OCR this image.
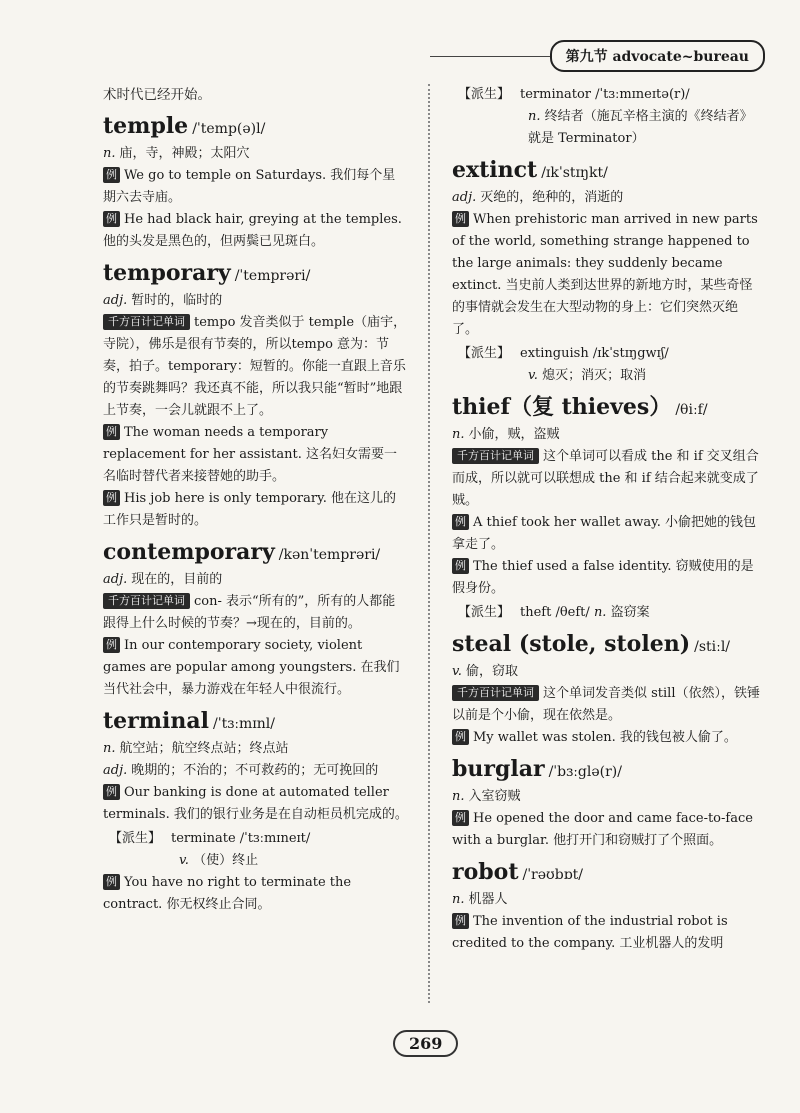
第九节 advocate~bureau

术时代已经开始。

temple /ˈtemp(ə)l/

n. 庙，寺，神殿；太阳穴

例 We go to temple on Saturdays. 我们每个星期六去寺庙。

例 He had black hair, greying at the temples. 他的头发是黑色的，但两鬓已见斑白。

temporary /ˈtemprəri/

adj. 暂时的，临时的

千方百计记单词 tempo 发音类似于 temple（庙宇，寺院），佛乐是很有节奏的，所以tempo 意为：节奏，拍子。temporary：短暂的。你能一直跟上音乐的节奏跳舞吗？我还真不能，所以我只能“暂时”地跟上节奏，一会儿就跟不上了。

例 The woman needs a temporary replacement for her assistant. 这名妇女需要一名临时替代者来接替她的助手。

例 His job here is only temporary. 他在这儿的工作只是暂时的。

contemporary /kənˈtemprəri/

adj. 现在的，目前的

千方百计记单词 con- 表示“所有的”，所有的人都能跟得上什么时候的节奏？→现在的，目前的。

例 In our contemporary society, violent games are popular among youngsters. 在我们当代社会中，暴力游戏在年轻人中很流行。

terminal /ˈtɜːmɪnl/

n. 航空站；航空终点站；终点站

adj. 晚期的；不治的；不可救药的；无可挽回的

例 Our banking is done at automated teller terminals. 我们的银行业务是在自动柜员机完成的。

【派生】 terminate /ˈtɜːmɪneɪt/
v. （使）终止

例 You have no right to terminate the contract. 你无权终止合同。

【派生】 terminator /ˈtɜːmɪneɪtə(r)/
n. 终结者（施瓦辛格主演的《终结者》就是 Terminator）

extinct /ɪkˈstɪŋkt/

adj. 灭绝的，绝种的，消逝的

例 When prehistoric man arrived in new parts of the world, something strange happened to the large animals: they suddenly became extinct. 当史前人类到达世界的新地方时，某些奇怪的事情就会发生在大型动物的身上：它们突然灭绝了。

【派生】 extinguish /ɪkˈstɪŋgwɪʃ/
v. 熄灭；消灭；取消

thief（复 thieves） /θiːf/

n. 小偷，贼，盗贼

千方百计记单词 这个单词可以看成 the 和 if 交叉组合而成，所以就可以联想成 the 和 if 结合起来就变成了贼。

例 A thief took her wallet away. 小偷把她的钱包拿走了。

例 The thief used a false identity. 窃贼使用的是假身份。

【派生】 theft /θeft/ n. 盗窃案

steal (stole, stolen) /stiːl/

v. 偷，窃取

千方百计记单词 这个单词发音类似 still（依然），铁锤以前是个小偷，现在依然是。

例 My wallet was stolen. 我的钱包被人偷了。

burglar /ˈbɜːglə(r)/

n. 入室窃贼

例 He opened the door and came face-to-face with a burglar. 他打开门和窃贼打了个照面。

robot /ˈrəʊbɒt/

n. 机器人

例 The invention of the industrial robot is credited to the company. 工业机器人的发明

269
